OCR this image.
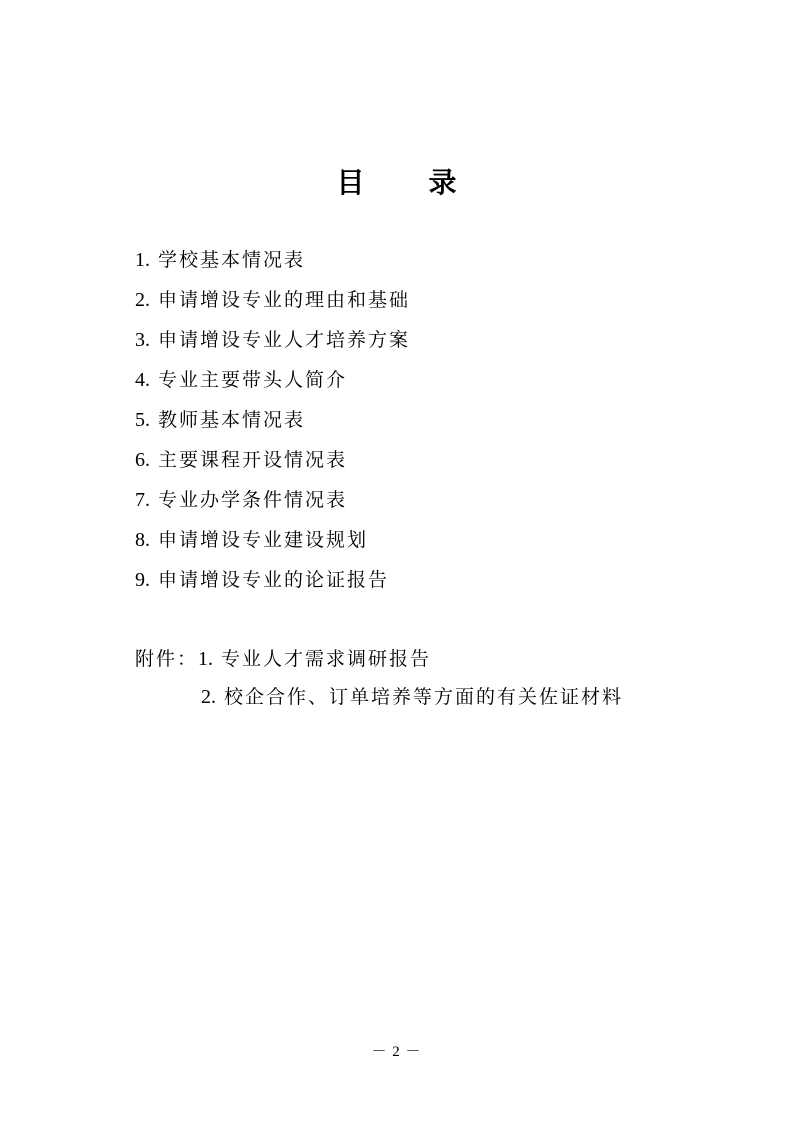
目 录
1. 学校基本情况表
2. 申请增设专业的理由和基础
3. 申请增设专业人才培养方案
4. 专业主要带头人简介
5. 教师基本情况表
6. 主要课程开设情况表
7. 专业办学条件情况表
8. 申请增设专业建设规划
9. 申请增设专业的论证报告
附件：1. 专业人才需求调研报告
2. 校企合作、订单培养等方面的有关佐证材料
－ 2 －
